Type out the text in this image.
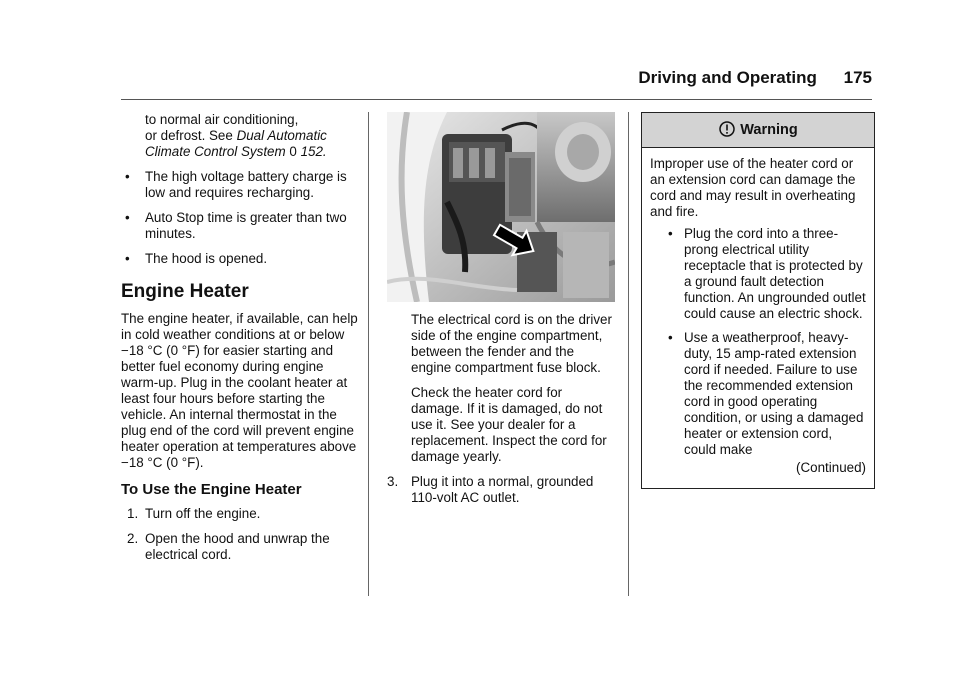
Driving and Operating 175

to normal air conditioning,
or defrost. See Dual Automatic
Climate Control System 0 152.

• The high voltage battery charge is low and requires recharging.
• Auto Stop time is greater than two minutes.
• The hood is opened.
Engine Heater

The engine heater, if available, can help in cold weather conditions at or below −18 °C (0 °F) for easier starting and better fuel economy during engine warm-up. Plug in the coolant heater at least four hours before starting the vehicle. An internal thermostat in the plug end of the cord will prevent engine heater operation at temperatures above −18 °C (0 °F).

To Use the Engine Heater
1. Turn off the engine.
2. Open the hood and unwrap the electrical cord.

The electrical cord is on the driver side of the engine compartment, between the fender and the engine compartment fuse block.

Check the heater cord for damage. If it is damaged, do not use it. See your dealer for a replacement. Inspect the cord for damage yearly.

3. Plug it into a normal, grounded 110-volt AC outlet.
Warning

Improper use of the heater cord or an extension cord can damage the cord and may result in overheating and fire.

• Plug the cord into a three-prong electrical utility receptacle that is protected by a ground fault detection function. An ungrounded outlet could cause an electric shock.
• Use a weatherproof, heavy-duty, 15 amp-rated extension cord if needed. Failure to use the recommended extension cord in good operating condition, or using a damaged heater or extension cord, could make

(Continued)
